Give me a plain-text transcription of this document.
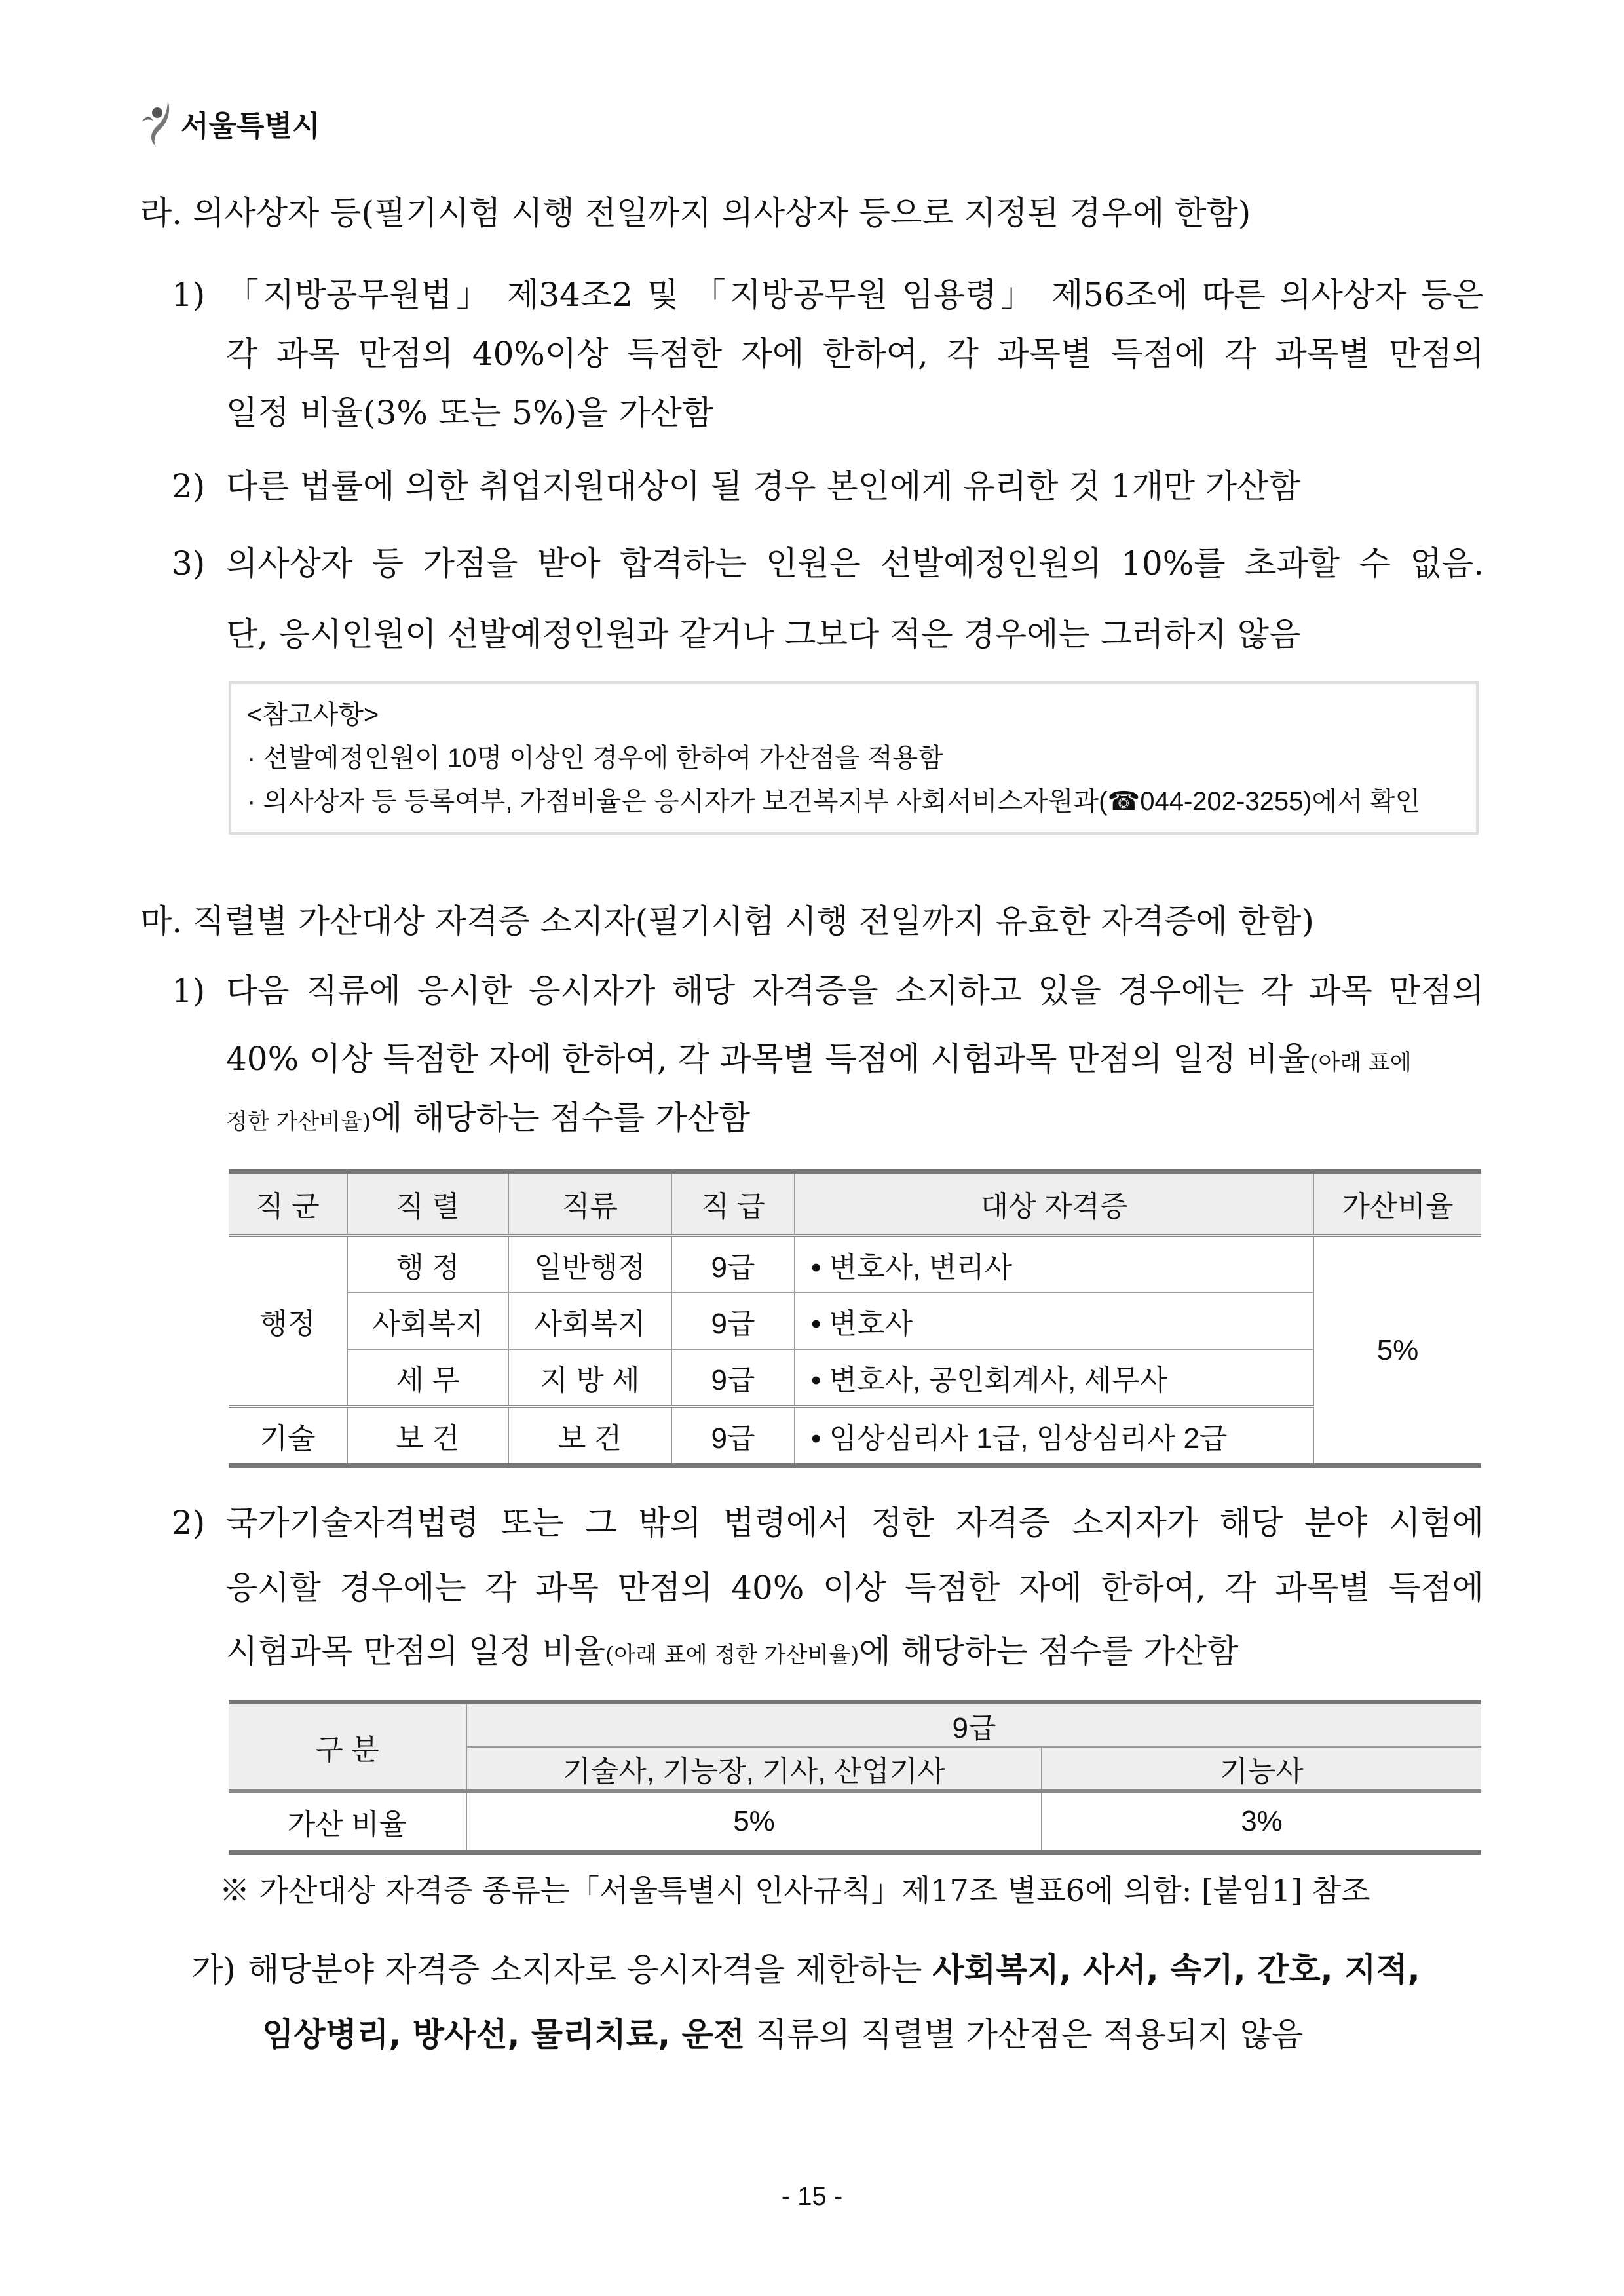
서울특별시
라. 의사상자 등(필기시험 시행 전일까지 의사상자 등으로 지정된 경우에 한함)
1) 「지방공무원법」 제34조2 및 「지방공무원 임용령」 제56조에 따른 의사상자 등은
각 과목 만점의 40%이상 득점한 자에 한하여, 각 과목별 득점에 각 과목별 만점의
일정 비율(3% 또는 5%)을 가산함
2) 다른 법률에 의한 취업지원대상이 될 경우 본인에게 유리한 것 1개만 가산함
3) 의사상자 등 가점을 받아 합격하는 인원은 선발예정인원의 10%를 초과할 수 없음.
단, 응시인원이 선발예정인원과 같거나 그보다 적은 경우에는 그러하지 않음
<참고사항>
· 선발예정인원이 10명 이상인 경우에 한하여 가산점을 적용함
· 의사상자 등 등록여부, 가점비율은 응시자가 보건복지부 사회서비스자원과(☎044-202-3255)에서 확인
마. 직렬별 가산대상 자격증 소지자(필기시험 시행 전일까지 유효한 자격증에 한함)
1) 다음 직류에 응시한 응시자가 해당 자격증을 소지하고 있을 경우에는 각 과목 만점의
40% 이상 득점한 자에 한하여, 각 과목별 득점에 시험과목 만점의 일정 비율(아래 표에
정한 가산비율)에 해당하는 점수를 가산함
직 군	직 렬	직류	직 급	대상 자격증	가산비율
행정	행 정	일반행정	9급	• 변호사, 변리사	5%
	사회복지	사회복지	9급	• 변호사	
	세 무	지 방 세	9급	• 변호사, 공인회계사, 세무사	
기술	보 건	보 건	9급	• 임상심리사 1급, 임상심리사 2급	
2) 국가기술자격법령 또는 그 밖의 법령에서 정한 자격증 소지자가 해당 분야 시험에
응시할 경우에는 각 과목 만점의 40% 이상 득점한 자에 한하여, 각 과목별 득점에
시험과목 만점의 일정 비율(아래 표에 정한 가산비율)에 해당하는 점수를 가산함
구 분	9급	
	기술사, 기능장, 기사, 산업기사	기능사
가산 비율	5%	3%
※ 가산대상 자격증 종류는「서울특별시 인사규칙」제17조 별표6에 의함: [붙임1] 참조
가) 해당분야 자격증 소지자로 응시자격을 제한하는 사회복지, 사서, 속기, 간호, 지적,
임상병리, 방사선, 물리치료, 운전 직류의 직렬별 가산점은 적용되지 않음
- 15 -
